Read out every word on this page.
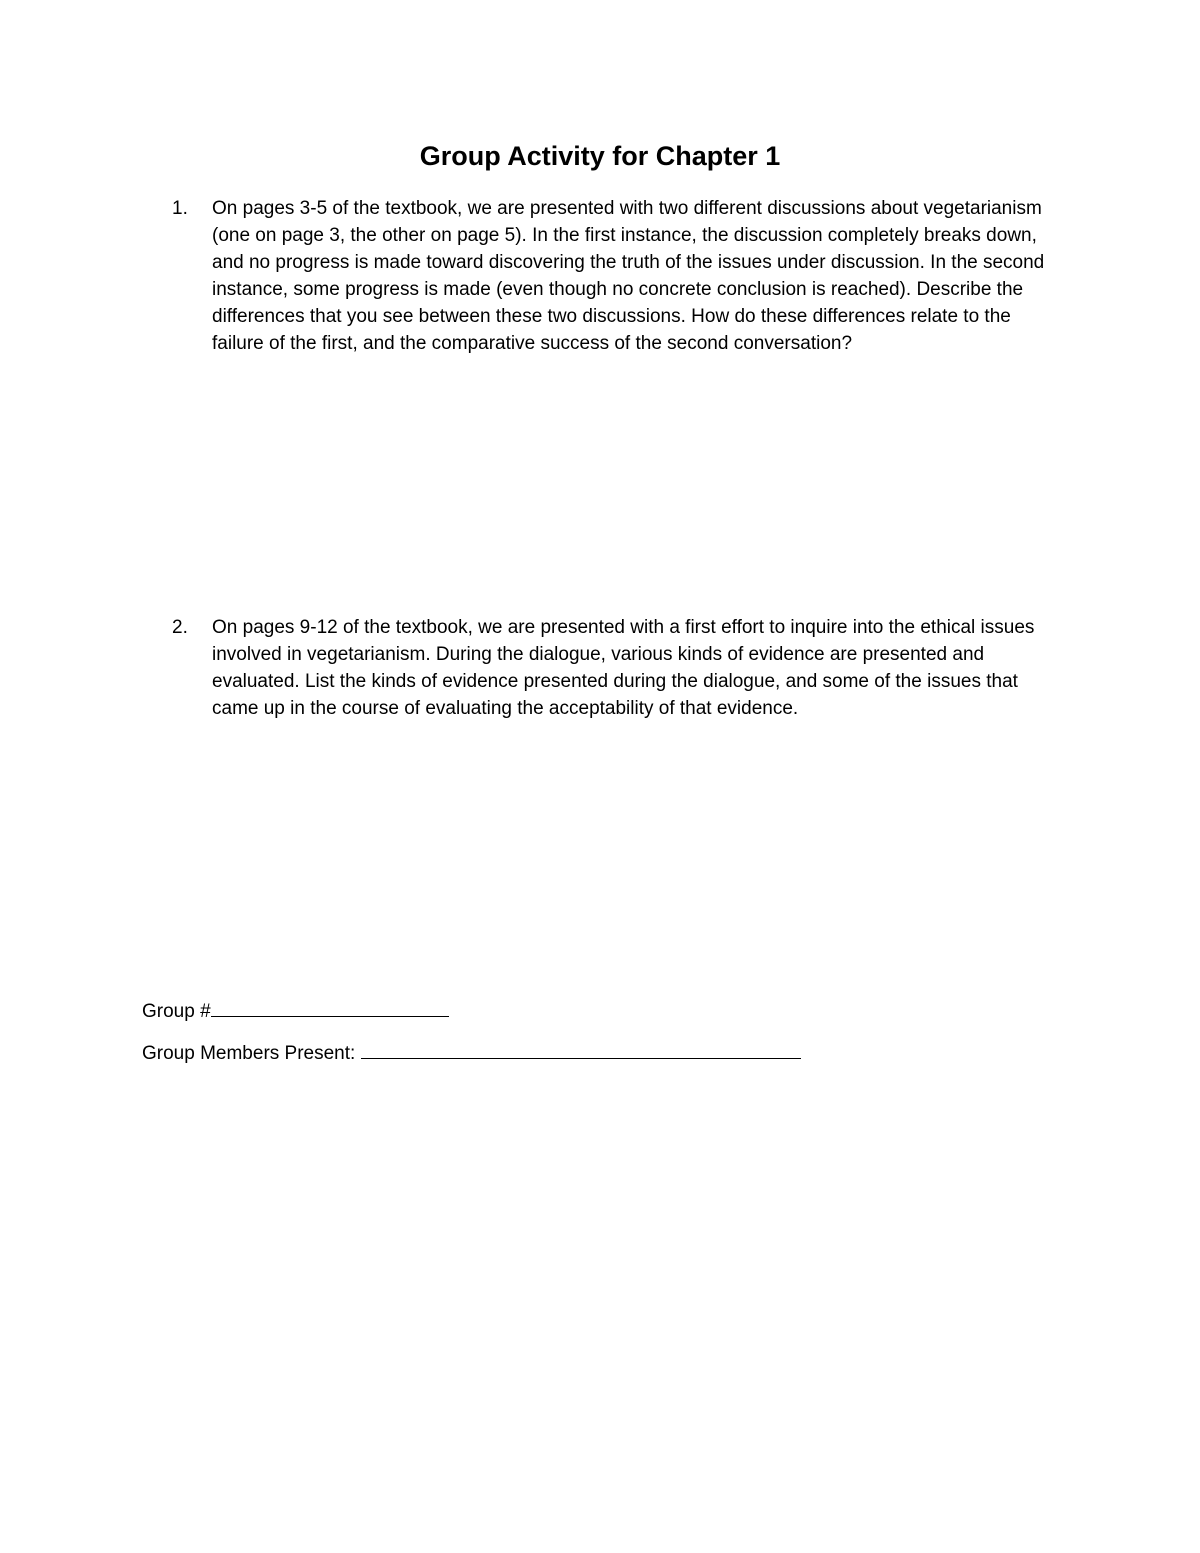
Group Activity for Chapter 1
1.	On pages 3-5 of the textbook, we are presented with two different discussions about vegetarianism (one on page 3, the other on page 5). In the first instance, the discussion completely breaks down, and no progress is made toward discovering the truth of the issues under discussion. In the second instance, some progress is made (even though no concrete conclusion is reached). Describe the differences that you see between these two discussions. How do these differences relate to the failure of the first, and the comparative success of the second conversation?
2.	On pages 9-12 of the textbook, we are presented with a first effort to inquire into the ethical issues involved in vegetarianism. During the dialogue, various kinds of evidence are presented and evaluated. List the kinds of evidence presented during the dialogue, and some of the issues that came up in the course of evaluating the acceptability of that evidence.
Group #
Group Members Present:
